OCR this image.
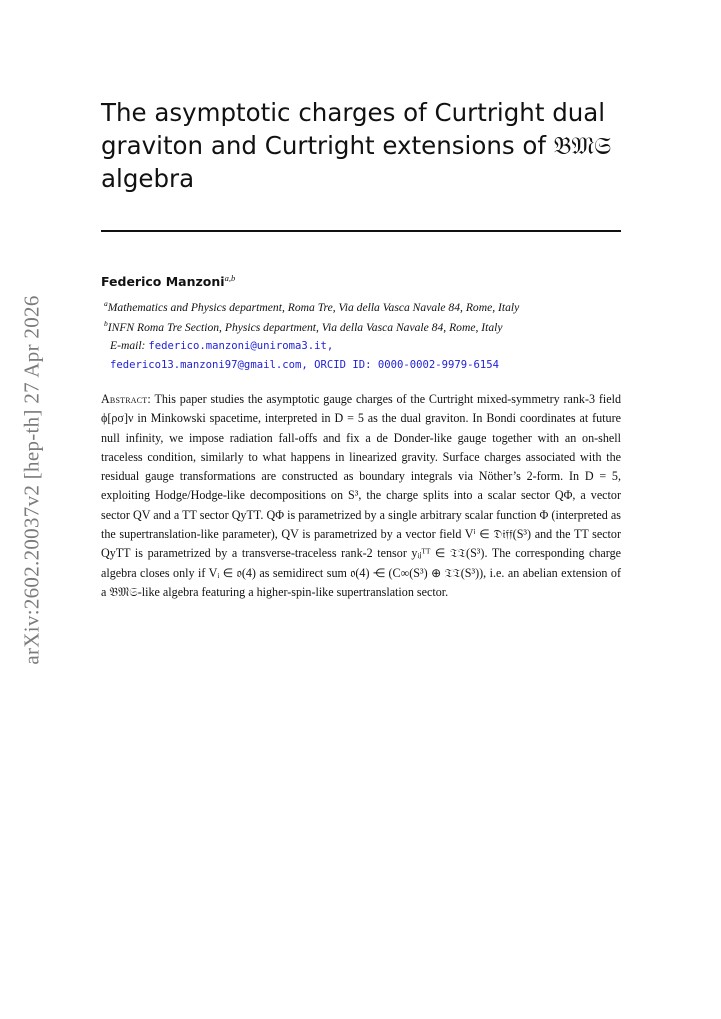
arXiv:2602.20037v2 [hep-th] 27 Apr 2026
The asymptotic charges of Curtright dual graviton and Curtright extensions of 𝔅𝔐𝔖 algebra
Federico Manzoni$^{a,b}$
$^a$Mathematics and Physics department, Roma Tre, Via della Vasca Navale 84, Rome, Italy
$^b$INFN Roma Tre Section, Physics department, Via della Vasca Navale 84, Rome, Italy
E-mail: federico.manzoni@uniroma3.it,
federico13.manzoni97@gmail.com, ORCID ID: 0000-0002-9979-6154

Abstract: This paper studies the asymptotic gauge charges of the Curtright mixed-symmetry rank-3 field ϕ[ρσ]ν in Minkowski spacetime, interpreted in D = 5 as the dual graviton. In Bondi coordinates at future null infinity, we impose radiation fall-offs and fix a de Donder-like gauge together with an on-shell traceless condition, similarly to what happens in linearized gravity. Surface charges associated with the residual gauge transformations are constructed as boundary integrals via Nöther’s 2-form. In D = 5, exploiting Hodge/Hodge-like decompositions on S³, the charge splits into a scalar sector QΦ, a vector sector QV and a TT sector QyTT. QΦ is parametrized by a single arbitrary scalar function Φ (interpreted as the supertranslation-like parameter), QV is parametrized by a vector field Vⁱ ∈ 𝔇𝔦𝔣𝔣(S³) and the TT sector QyTT is parametrized by a transverse-traceless rank-2 tensor yᵢⱼᵀᵀ ∈ 𝔗𝔗(S³). The corresponding charge algebra closes only if Vᵢ ∈ 𝔬(4) as semidirect sum 𝔬(4) ⋲ (C∞(S³) ⊕ 𝔗𝔗(S³)), i.e. an abelian extension of a 𝔅𝔐𝔖-like algebra featuring a higher-spin-like supertranslation sector.
